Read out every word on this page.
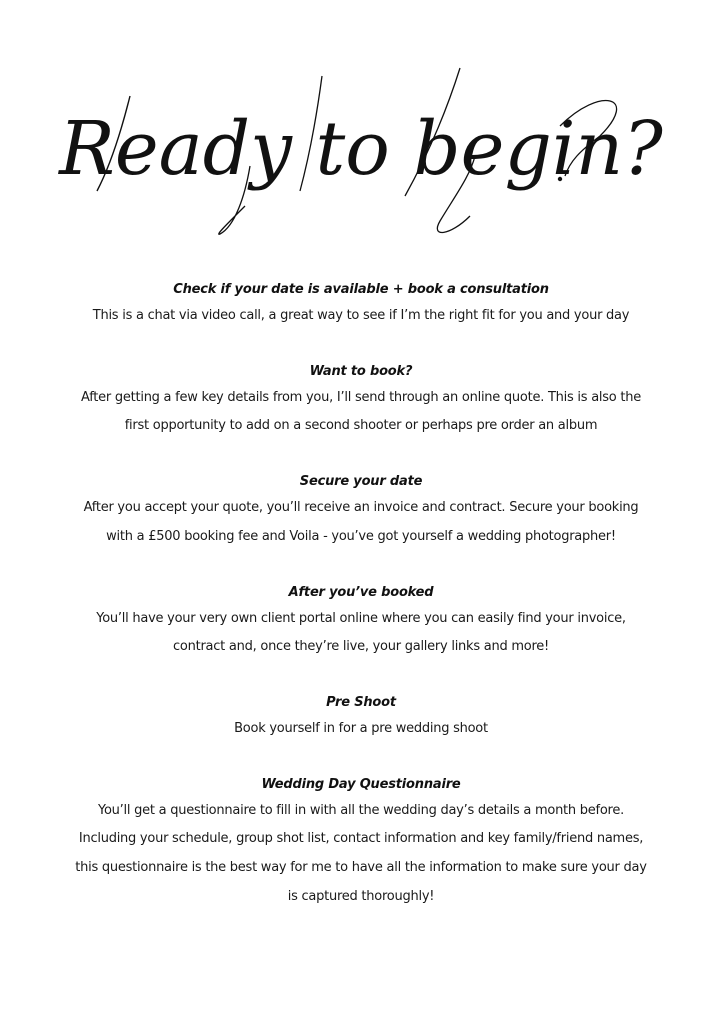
Ready to begin?

Check if your date is available + book a consultation

This is a chat via video call, a great way to see if I’m the right fit for you and your day

Want to book?

After getting a few key details from you, I’ll send through an online quote. This is also the first opportunity to add on a second shooter or perhaps pre order an album

Secure your date

After you accept your quote, you’ll receive an invoice and contract. Secure your booking with a £500 booking fee and Voila - you’ve got yourself a wedding photographer!

After you’ve booked

You’ll have your very own client portal online where you can easily find your invoice, contract and, once they’re live, your gallery links and more!

Pre Shoot

Book yourself in for a pre wedding shoot

Wedding Day Questionnaire

You’ll get a questionnaire to fill in with all the wedding day’s details a month before. Including your schedule, group shot list, contact information and key family/friend names, this questionnaire is the best way for me to have all the information to make sure your day is captured thoroughly!
